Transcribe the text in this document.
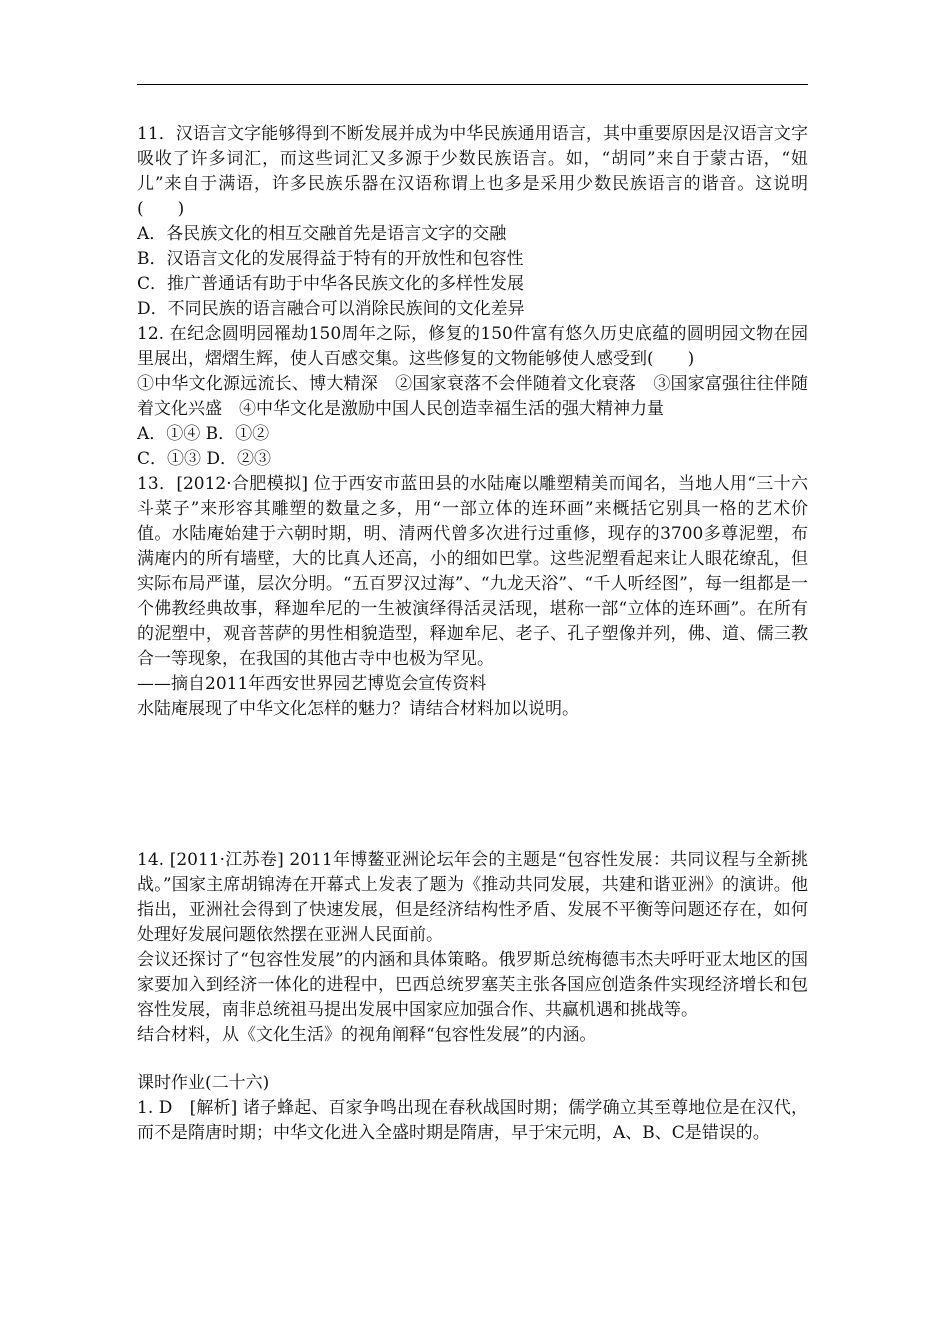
11．汉语言文字能够得到不断发展并成为中华民族通用语言，其中重要原因是汉语言文字吸收了许多词汇，而这些词汇又多源于少数民族语言。如，“胡同”来自于蒙古语，“妞儿”来自于满语，许多民族乐器在汉语称谓上也多是采用少数民族语言的谐音。这说明(　　)

A．各民族文化的相互交融首先是语言文字的交融

B．汉语言文化的发展得益于特有的开放性和包容性

C．推广普通话有助于中华各民族文化的多样性发展

D．不同民族的语言融合可以消除民族间的文化差异

12. 在纪念圆明园罹劫150周年之际，修复的150件富有悠久历史底蕴的圆明园文物在园里展出，熠熠生辉，使人百感交集。这些修复的文物能够使人感受到(　　)

①中华文化源远流长、博大精深　②国家衰落不会伴随着文化衰落　③国家富强往往伴随着文化兴盛　④中华文化是激励中国人民创造幸福生活的强大精神力量

A．①④ B．①②

C．①③ D．②③

13．[2012·合肥模拟] 位于西安市蓝田县的水陆庵以雕塑精美而闻名，当地人用“三十六斗菜子”来形容其雕塑的数量之多，用“一部立体的连环画”来概括它别具一格的艺术价值。水陆庵始建于六朝时期，明、清两代曾多次进行过重修，现存的3700多尊泥塑，布满庵内的所有墙壁，大的比真人还高，小的细如巴掌。这些泥塑看起来让人眼花缭乱，但实际布局严谨，层次分明。“五百罗汉过海”、“九龙天浴”、“千人听经图”，每一组都是一个佛教经典故事，释迦牟尼的一生被演绎得活灵活现，堪称一部“立体的连环画”。在所有的泥塑中，观音菩萨的男性相貌造型，释迦牟尼、老子、孔子塑像并列，佛、道、儒三教合一等现象，在我国的其他古寺中也极为罕见。

——摘自2011年西安世界园艺博览会宣传资料

水陆庵展现了中华文化怎样的魅力？请结合材料加以说明。

14. [2011·江苏卷] 2011年博鳌亚洲论坛年会的主题是“包容性发展：共同议程与全新挑战。”国家主席胡锦涛在开幕式上发表了题为《推动共同发展，共建和谐亚洲》的演讲。他指出，亚洲社会得到了快速发展，但是经济结构性矛盾、发展不平衡等问题还存在，如何处理好发展问题依然摆在亚洲人民面前。

会议还探讨了“包容性发展”的内涵和具体策略。俄罗斯总统梅德韦杰夫呼吁亚太地区的国家要加入到经济一体化的进程中，巴西总统罗塞芙主张各国应创造条件实现经济增长和包容性发展，南非总统祖马提出发展中国家应加强合作、共赢机遇和挑战等。

结合材料，从《文化生活》的视角阐释“包容性发展”的内涵。

课时作业(二十六)

1. D　[解析] 诸子蜂起、百家争鸣出现在春秋战国时期；儒学确立其至尊地位是在汉代，而不是隋唐时期；中华文化进入全盛时期是隋唐，早于宋元明，A、B、C是错误的。
